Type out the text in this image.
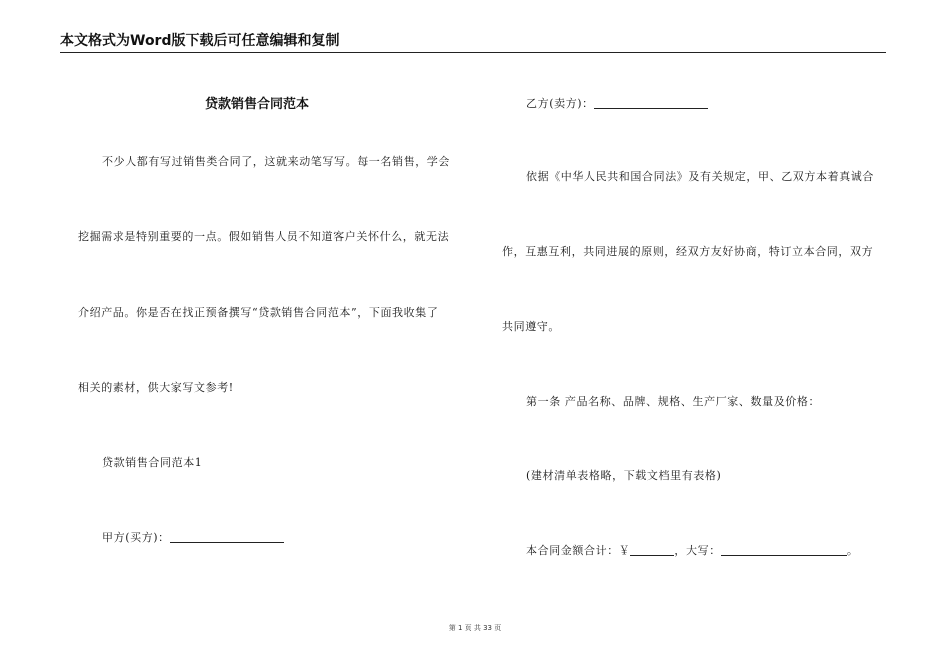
本文格式为Word版下载后可任意编辑和复制
贷款销售合同范本
不少人都有写过销售类合同了，这就来动笔写写。每一名销售，学会
挖掘需求是特别重要的一点。假如销售人员不知道客户关怀什么，就无法
介绍产品。你是否在找正预备撰写“贷款销售合同范本”，下面我收集了
相关的素材，供大家写文参考!
贷款销售合同范本1
甲方(买方)：
乙方(卖方)：
依据《中华人民共和国合同法》及有关规定，甲、乙双方本着真诚合
作，互惠互利，共同进展的原则，经双方友好协商，特订立本合同，双方
共同遵守。
第一条 产品名称、品牌、规格、生产厂家、数量及价格：
(建材清单表格略，下载文档里有表格)
本合同金额合计：￥	，大写：	。
第 1 页 共 33 页
